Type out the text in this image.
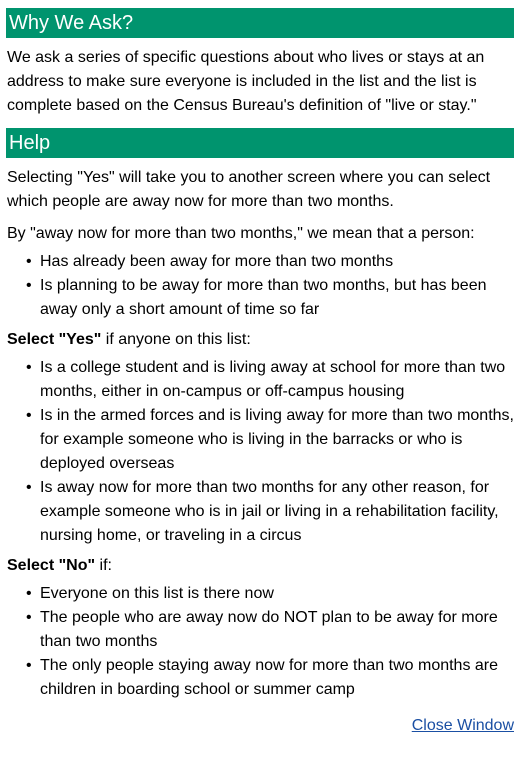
Why We Ask?

We ask a series of specific questions about who lives or stays at an address to make sure everyone is included in the list and the list is complete based on the Census Bureau's definition of "live or stay."

Help

Selecting "Yes" will take you to another screen where you can select which people are away now for more than two months.

By "away now for more than two months," we mean that a person:

• Has already been away for more than two months
• Is planning to be away for more than two months, but has been away only a short amount of time so far

Select "Yes" if anyone on this list:

• Is a college student and is living away at school for more than two months, either in on-campus or off-campus housing
• Is in the armed forces and is living away for more than two months, for example someone who is living in the barracks or who is deployed overseas
• Is away now for more than two months for any other reason, for example someone who is in jail or living in a rehabilitation facility, nursing home, or traveling in a circus

Select "No" if:

• Everyone on this list is there now
• The people who are away now do NOT plan to be away for more than two months
• The only people staying away now for more than two months are children in boarding school or summer camp
Close Window
